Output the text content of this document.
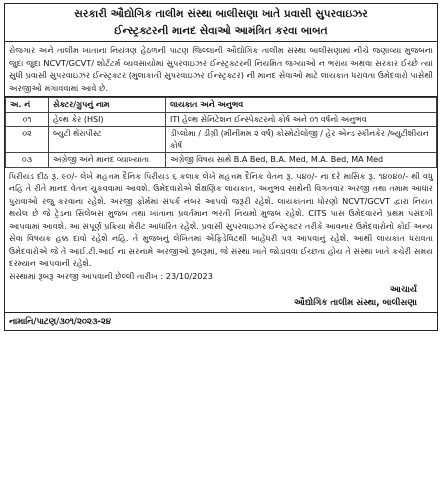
સરકારી ઔદ્યોગિક તાલીમ સંસ્થા બાલીસણા ખાતે પ્રવાસી સુપરવાઇઝર
ઈન્સ્ટ્રક્ટરની માનદ સેવાઓ આમંત્રિત કરવા બાબત
રોજગાર અને તાલીમ ખાતાના નિયંત્રણ હેઠળની પાટણ જિલ્લાની ઔદ્યોગિક તાલીમ સંસ્થા બાલીસણામાં નીચે જણાવ્યા મુજબના જુદા જુદા NCVT/GCVT/ શોર્ટટર્મ વ્યવસાયોમાં સુપરવાઇઝર ઈન્સ્ટ્રક્ટરની નિયમિત જગ્યાઓ ન ભરાય અથવા સરકાર ઈચ્છે ત્યાં સુધી પ્રવાસી સુપરવાઇઝર ઈન્સ્ટ્રક્ટર (મુલાકાતી સુપરવાઇઝર ઈન્સ્ટ્રક્ટર) ની માનદ સેવાઓ માટે લાયકાત ધરાવતા ઉમેદવારો પાસેથી અરજીઓ મંગાવવામાં આવે છે.
અ. નં	સેક્ટર/ગ્રુપનું નામ	લાયકાત અને અનુભવ
૦૧	હેલ્થ કેર (HSI)	ITI હેલ્થ સેનિટેશન ઈન્સ્પેક્ટરનો કોર્ષ અને ૦૧ વર્ષનો અનુભવ
૦૨	બ્યુટી થેરાપીસ્ટ	ડીપ્લોમા / ડીગ્રી (મીનીમમ ૨ વર્ષ) કોસ્મેટોલોજી / હેર એન્ડ સ્કીનકેર /બ્યુટીશીયન કોર્ષ
૦૩	અંગ્રેજી અને માનદ વ્યાખ્યાતા	અંગ્રેજી વિષય સાથે B.A Bed, B.A. Med, M.A. Bed, MA Med
પિરીયડ દીઠ રૂ. ૯૦/- લેખે મહત્તમ દૈનિક પિરીયડ ૬ કલાક લેખે મહત્તમ દૈનિક વેતન રૂ. ૫૪૦/- ના દરે માસિક રૂ. ૧૪૦૪૦/- થી વધુ નહિ તે રીતે માનદ વેતન ચુકવવામાં આવશે. ઉમેદવારોએ શૈક્ષણિક લાયકાત, અનુભવ સાથેની વિગતવાર અરજી તથા તમામ આધાર પુરાવાઓ રજુ કરવાના રહેશે. અરજી ફોર્મમાં સંપર્ક નંબર આપવો જરૂરી રહેશે. લાયકાતના ધોરણો NCVT/GCVT દ્વારા નિયત થયેલ છે જે ટ્રેડના સિલેબસ મુજબ તથા ખાતાના પ્રવર્તમાન ભરતી નિયમો મુજબ રહેશે. CITS પાસ ઉમેદવારને પ્રથમ પસંદગી આપવામાં આવશે. આ સંપૂર્ણ પ્રક્રિયા મેરીટ આધારિત રહેશે. પ્રવાસી સુપરવાઇઝર ઈન્સ્ટ્રક્ટર તરીકે આવનાર ઉમેદવારોનો કોઈ અન્ય સેવા વિષયક હક્ક દાવો રહેશે નહિ. તે મુજબનું લેખિતમાં એફિડેવિટથી બાહેંધરી પત્ર આપવાનું રહેશે. આથી લાયકાત ધરાવતા ઉમેદવારોએ જે તે આઈ.ટી.આઈ ના સરનામે અરજીઓ રૂબરૂમાં, જે સંસ્થા ખાતે જોડાવવા ઈચ્છતા હોય તે સંસ્થા ખાતે કચેરી સમય દરમ્યાન આપવાની રહેશે.
સંસ્થામાં રૂબરૂ અરજી આપવાની છેલ્લી તારીખ : 23/10/2023
આચાર્ય
ઔદ્યોગિક તાલીમ સંસ્થા, બાલીસણા
નામાનિ/પાટણ/૩૦૧/૨૦૨૩-૨૪
